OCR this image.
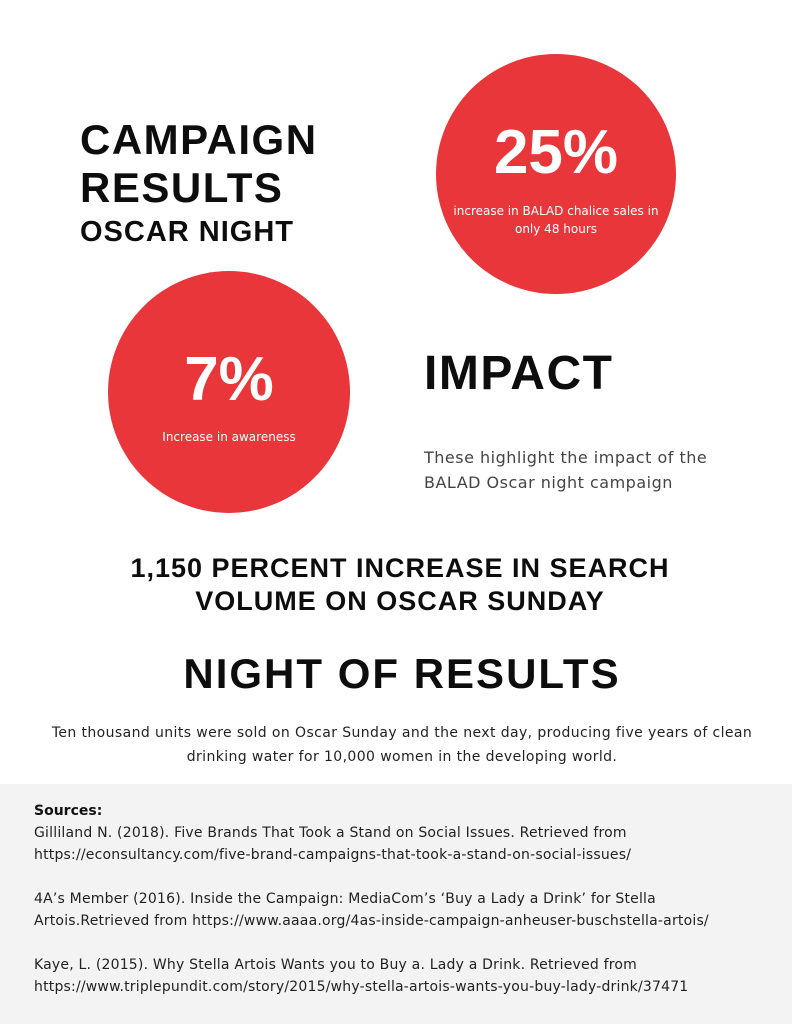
CAMPAIGN
RESULTS
OSCAR NIGHT
25%
increase in BALAD chalice sales in only 48 hours
7%
Increase in awareness
IMPACT

These highlight the impact of the BALAD Oscar night campaign

1,150 PERCENT INCREASE IN SEARCH
VOLUME ON OSCAR SUNDAY
NIGHT OF RESULTS

Ten thousand units were sold on Oscar Sunday and the next day, producing five years of clean drinking water for 10,000 women in the developing world.

Sources:

Gilliland N. (2018). Five Brands That Took a Stand on Social Issues. Retrieved from
https://econsultancy.com/five-brand-campaigns-that-took-a-stand-on-social-issues/

4A’s Member (2016). Inside the Campaign: MediaCom’s ‘Buy a Lady a Drink’ for Stella
Artois.Retrieved from https://www.aaaa.org/4as-inside-campaign-anheuser-buschstella-artois/

Kaye, L. (2015). Why Stella Artois Wants you to Buy a. Lady a Drink. Retrieved from
https://www.triplepundit.com/story/2015/why-stella-artois-wants-you-buy-lady-drink/37471
